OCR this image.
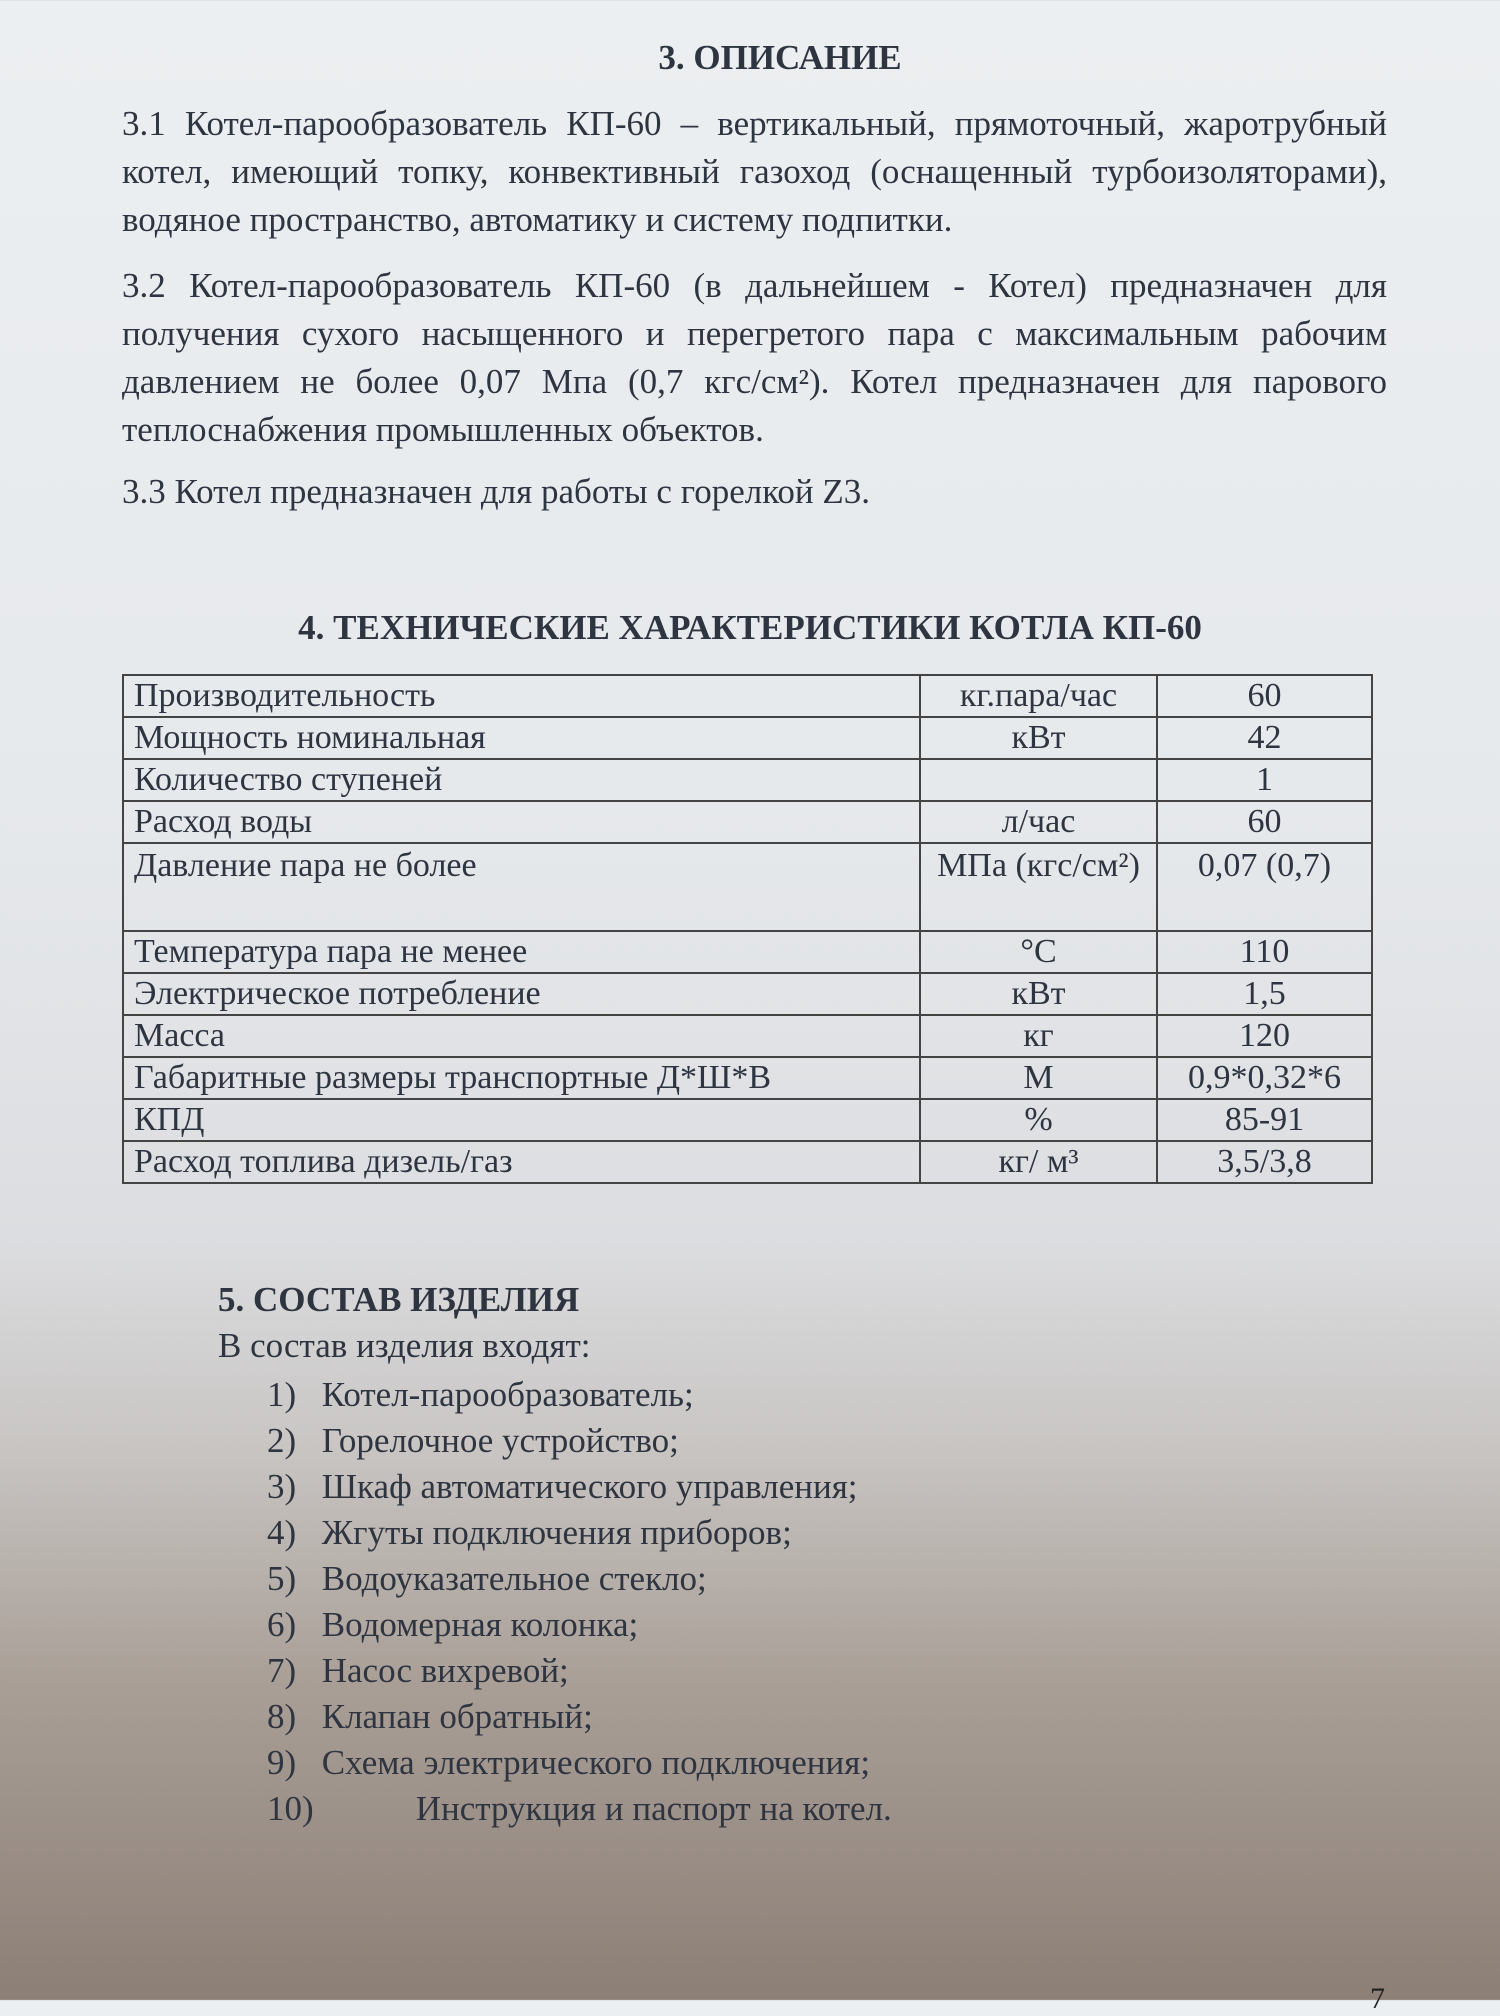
3. ОПИСАНИЕ

3.1 Котел-парообразователь КП-60 – вертикальный, прямоточный, жаротрубный котел, имеющий топку, конвективный газоход (оснащенный турбоизоляторами), водяное пространство, автоматику и систему подпитки.

3.2 Котел-парообразователь КП-60 (в дальнейшем - Котел) предназначен для получения сухого насыщенного и перегретого пара с максимальным рабочим давлением не более 0,07 Мпа (0,7 кгс/см²). Котел предназначен для парового теплоснабжения промышленных объектов.

3.3 Котел предназначен для работы с горелкой Z3.

4. ТЕХНИЧЕСКИЕ ХАРАКТЕРИСТИКИ КОТЛА КП-60
Производительность	кг.пара/час	60
Мощность номинальная	кВт	42
Количество ступеней		1
Расход воды	л/час	60
Давление пара не более	МПа (кгс/см²)	0,07 (0,7)
Температура пара не менее	°С	110
Электрическое потребление	кВт	1,5
Масса	кг	120
Габаритные размеры транспортные Д*Ш*В	М	0,9*0,32*6
КПД	%	85-91
Расход топлива дизель/газ	кг/ м³	3,5/3,8
5. СОСТАВ ИЗДЕЛИЯ

В состав изделия входят:

1) Котел-парообразователь;
2) Горелочное устройство;
3) Шкаф автоматического управления;
4) Жгуты подключения приборов;
5) Водоуказательное стекло;
6) Водомерная колонка;
7) Насос вихревой;
8) Клапан обратный;
9) Схема электрического подключения;
10)	Инструкция и паспорт на котел.
7
